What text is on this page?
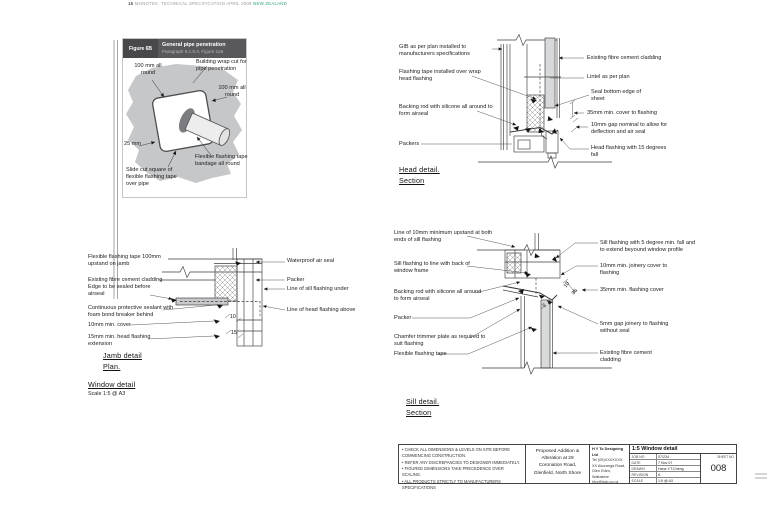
16 MONOTEK. TECHNICAL SPECIFICATION APRIL 2008 NEW ZEALAND
Figure 6B
General pipe penetration
Paragraph 9.1.9.3, Figure 126
100 mm all round
Building wrap cut for pipe penetration
100 mm all round
25 mm
Slide cut square of flexible flashing tape over pipe
Flexible flashing tape bandage all round
GIB as per plan installed to manufacturers specifications
Flashing tape installed over wrap head flashing
Backing rod with silicone all around to form airseal
Packers
Existing fibre cement cladding
Lintel as per plan
Seal bottom edge of sheet
35mm min. cover to flashing
10mm gap nominal to allow for deflection and air seal
Head flashing with 15 degrees fall
Head detail.
Section
Flexible flashing tape 100mm upstand on jamb
Existing fibre cement cladding Edge to be sealed before airseal
Continuous protective sealant with foam bond breaker behind
10mm min. cover
15mm min. head flashing extension
Waterproof air seal
Packer
Line of sill flashing under
Line of head flashing above
10
15
Jamb detail
Plan.
Window detail
Scale 1:5 @ A3
Line of 10mm minimum upstand at both ends of sill flashing
Sill flashing to line with back of window frame
Backing rod with silicone all around to form airseal
Packer
Chamfer trimmer plate as required to suit flashing
Flexible flashing tape
Sill flashing with 5 degree min. fall and to extend beyound window profile
10mm min. joinery cover to flashing
35mm min. flashing cover
5mm gap joinery to flashing without seal
Existing fibre cement cladding
10
35
5
Sill detail.
Section
• CHECK ALL DIMENSIONS & LEVELS ON SITE BEFORE COMMENCING CONSTRUCTION.
• REFER ANY DISCREPANCIES TO DESIGNER IMMEDIATELY.
• FIGURED DIMENSIONS TAKE PRECEDENCE OVER SCALING.
• ALL PRODUCTS STRICTLY TO MANUFACTURERS SPECIFICATIONS
Proposed Addition & Alteration at 29 Coronation Road, Glenfield, North Shore
H Y To Designing Ltd
Tel (09)XXXXXXX
XX Akoranga Road, Glen Eden, Waitakere
hhy@hub.co.nz
1:5 Window detail
JOB NO	07/234
DATE	7 Nov 07
DRAWN	Hans Y.T.Cheng
REVISION	A
SCALE	1:5 @ A3
SHEET NO
008
